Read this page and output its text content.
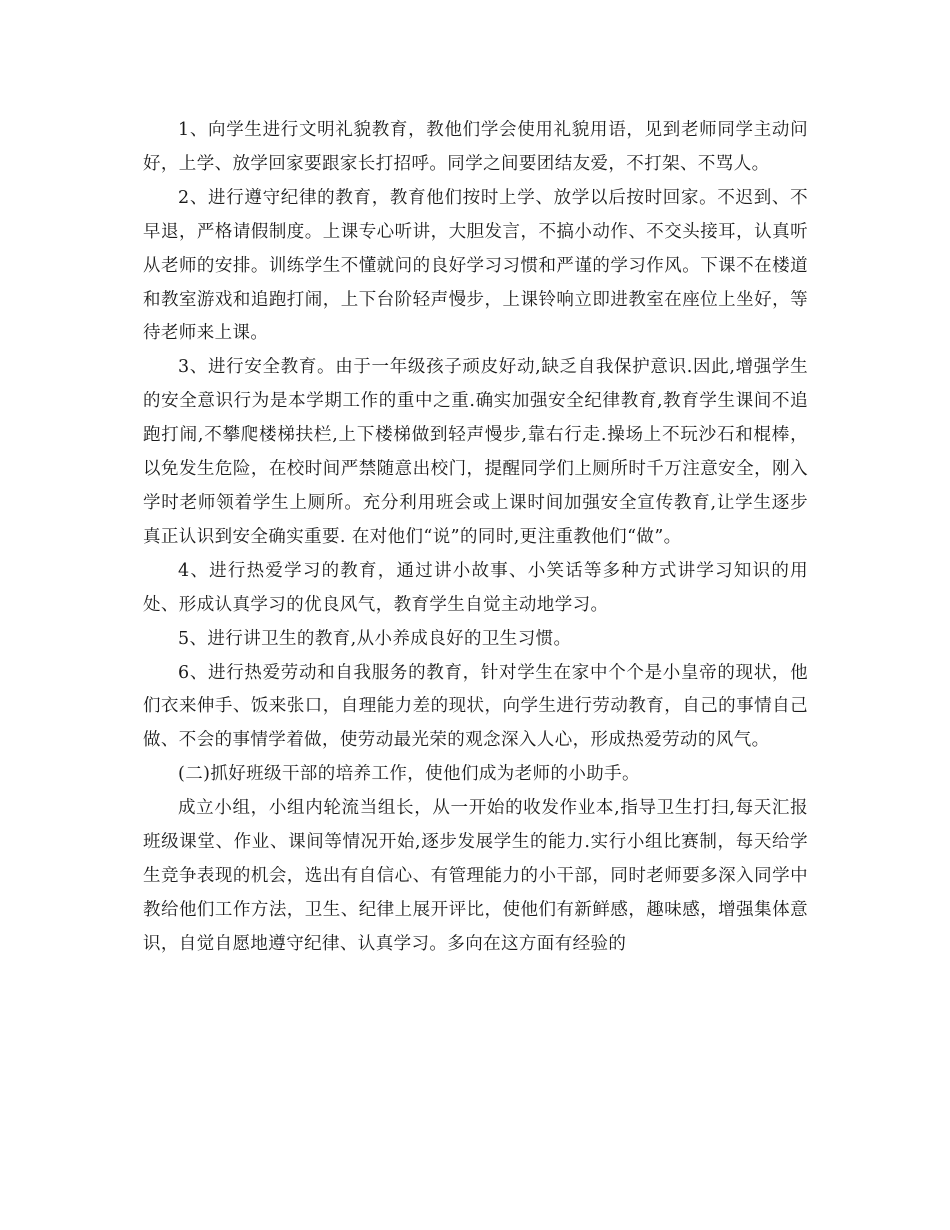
1、向学生进行文明礼貌教育，教他们学会使用礼貌用语，见到老师同学主动问好，上学、放学回家要跟家长打招呼。同学之间要团结友爱，不打架、不骂人。

2、进行遵守纪律的教育，教育他们按时上学、放学以后按时回家。不迟到、不早退，严格请假制度。上课专心听讲，大胆发言，不搞小动作、不交头接耳，认真听从老师的安排。训练学生不懂就问的良好学习习惯和严谨的学习作风。下课不在楼道和教室游戏和追跑打闹，上下台阶轻声慢步，上课铃响立即进教室在座位上坐好，等待老师来上课。

3、进行安全教育。由于一年级孩子顽皮好动,缺乏自我保护意识.因此,增强学生的安全意识行为是本学期工作的重中之重.确实加强安全纪律教育,教育学生课间不追跑打闹,不攀爬楼梯扶栏,上下楼梯做到轻声慢步,靠右行走.操场上不玩沙石和棍棒，以免发生危险，在校时间严禁随意出校门，提醒同学们上厕所时千万注意安全，刚入学时老师领着学生上厕所。充分利用班会或上课时间加强安全宣传教育,让学生逐步真正认识到安全确实重要. 在对他们“说”的同时,更注重教他们“做”。

4、进行热爱学习的教育，通过讲小故事、小笑话等多种方式讲学习知识的用处、形成认真学习的优良风气，教育学生自觉主动地学习。

5、进行讲卫生的教育,从小养成良好的卫生习惯。

6、进行热爱劳动和自我服务的教育，针对学生在家中个个是小皇帝的现状，他们衣来伸手、饭来张口，自理能力差的现状，向学生进行劳动教育，自己的事情自己做、不会的事情学着做，使劳动最光荣的观念深入人心，形成热爱劳动的风气。

(二)抓好班级干部的培养工作，使他们成为老师的小助手。

成立小组，小组内轮流当组长，从一开始的收发作业本,指导卫生打扫,每天汇报班级课堂、作业、课间等情况开始,逐步发展学生的能力.实行小组比赛制，每天给学生竞争表现的机会，选出有自信心、有管理能力的小干部，同时老师要多深入同学中教给他们工作方法，卫生、纪律上展开评比，使他们有新鲜感，趣味感，增强集体意识，自觉自愿地遵守纪律、认真学习。多向在这方面有经验的
